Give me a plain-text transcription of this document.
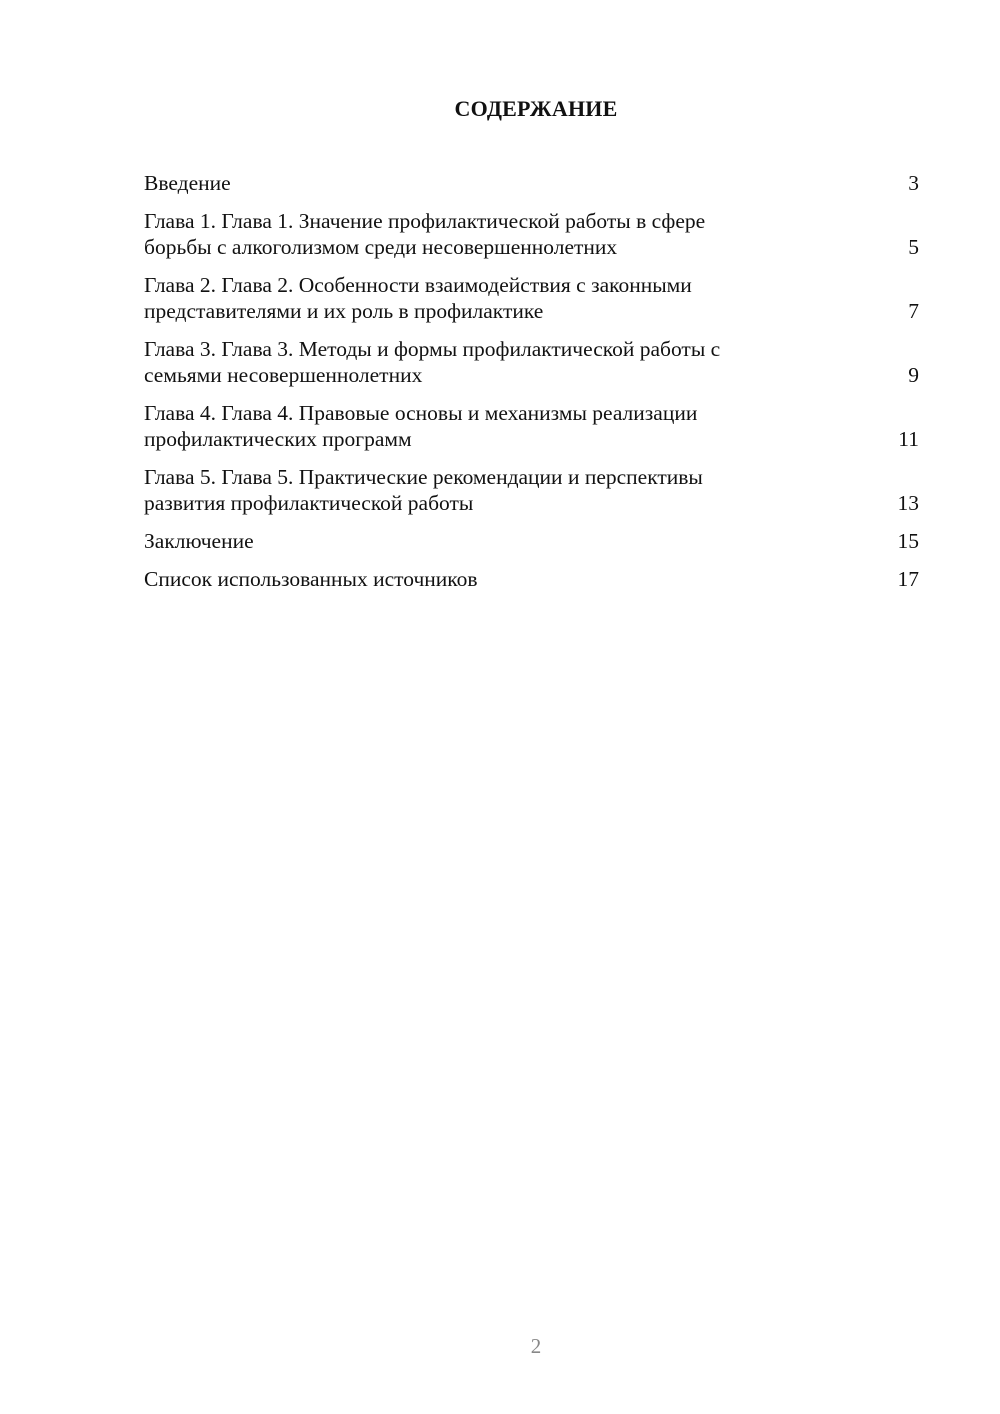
СОДЕРЖАНИЕ
Введение	3
Глава 1. Глава 1. Значение профилактической работы в сфере
борьбы с алкоголизмом среди несовершеннолетних	5
Глава 2. Глава 2. Особенности взаимодействия с законными
представителями и их роль в профилактике	7
Глава 3. Глава 3. Методы и формы профилактической работы с
семьями несовершеннолетних	9
Глава 4. Глава 4. Правовые основы и механизмы реализации
профилактических программ	11
Глава 5. Глава 5. Практические рекомендации и перспективы
развития профилактической работы	13
Заключение	15
Список использованных источников	17
2
